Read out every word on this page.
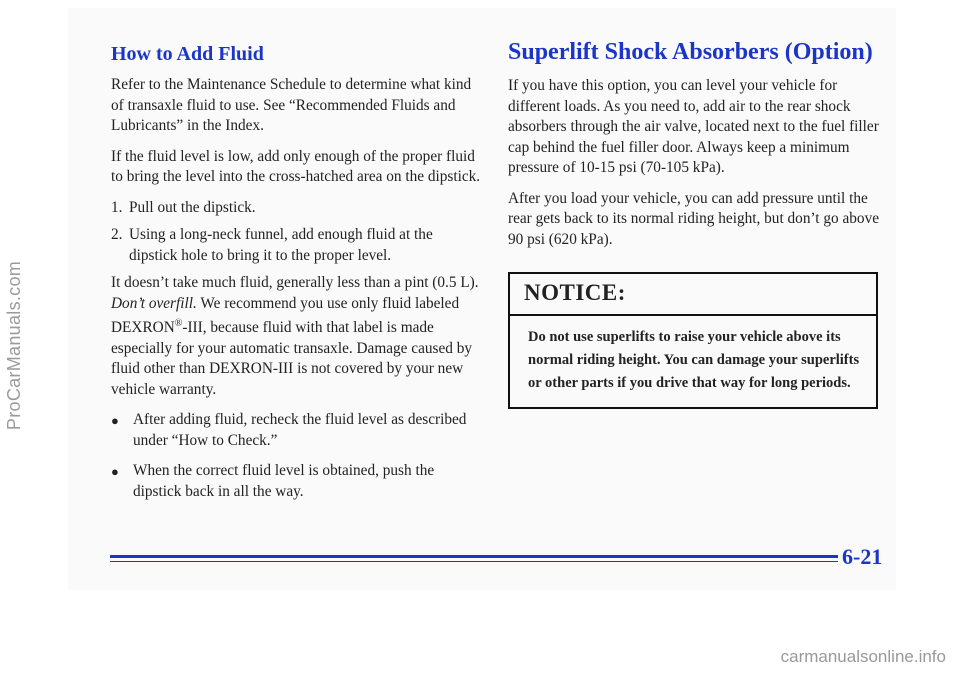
ProCarManuals.com
How to Add Fluid

Refer to the Maintenance Schedule to determine what kind of transaxle fluid to use. See “Recommended Fluids and Lubricants” in the Index.

If the fluid level is low, add only enough of the proper fluid to bring the level into the cross-hatched area on the dipstick.

1. Pull out the dipstick.
2. Using a long-neck funnel, add enough fluid at the dipstick hole to bring it to the proper level.

It doesn’t take much fluid, generally less than a pint (0.5 L). Don’t overfill. We recommend you use only fluid labeled DEXRON®-III, because fluid with that label is made especially for your automatic transaxle. Damage caused by fluid other than DEXRON-III is not covered by your new vehicle warranty.

● After adding fluid, recheck the fluid level as described under “How to Check.”
● When the correct fluid level is obtained, push the dipstick back in all the way.
Superlift Shock Absorbers (Option)

If you have this option, you can level your vehicle for different loads. As you need to, add air to the rear shock absorbers through the air valve, located next to the fuel filler cap behind the fuel filler door. Always keep a minimum pressure of 10-15 psi (70-105 kPa).

After you load your vehicle, you can add pressure until the rear gets back to its normal riding height, but don’t go above 90 psi (620 kPa).

NOTICE:
Do not use superlifts to raise your vehicle above its normal riding height. You can damage your superlifts or other parts if you drive that way for long periods.
6-21
carmanualsonline.info
